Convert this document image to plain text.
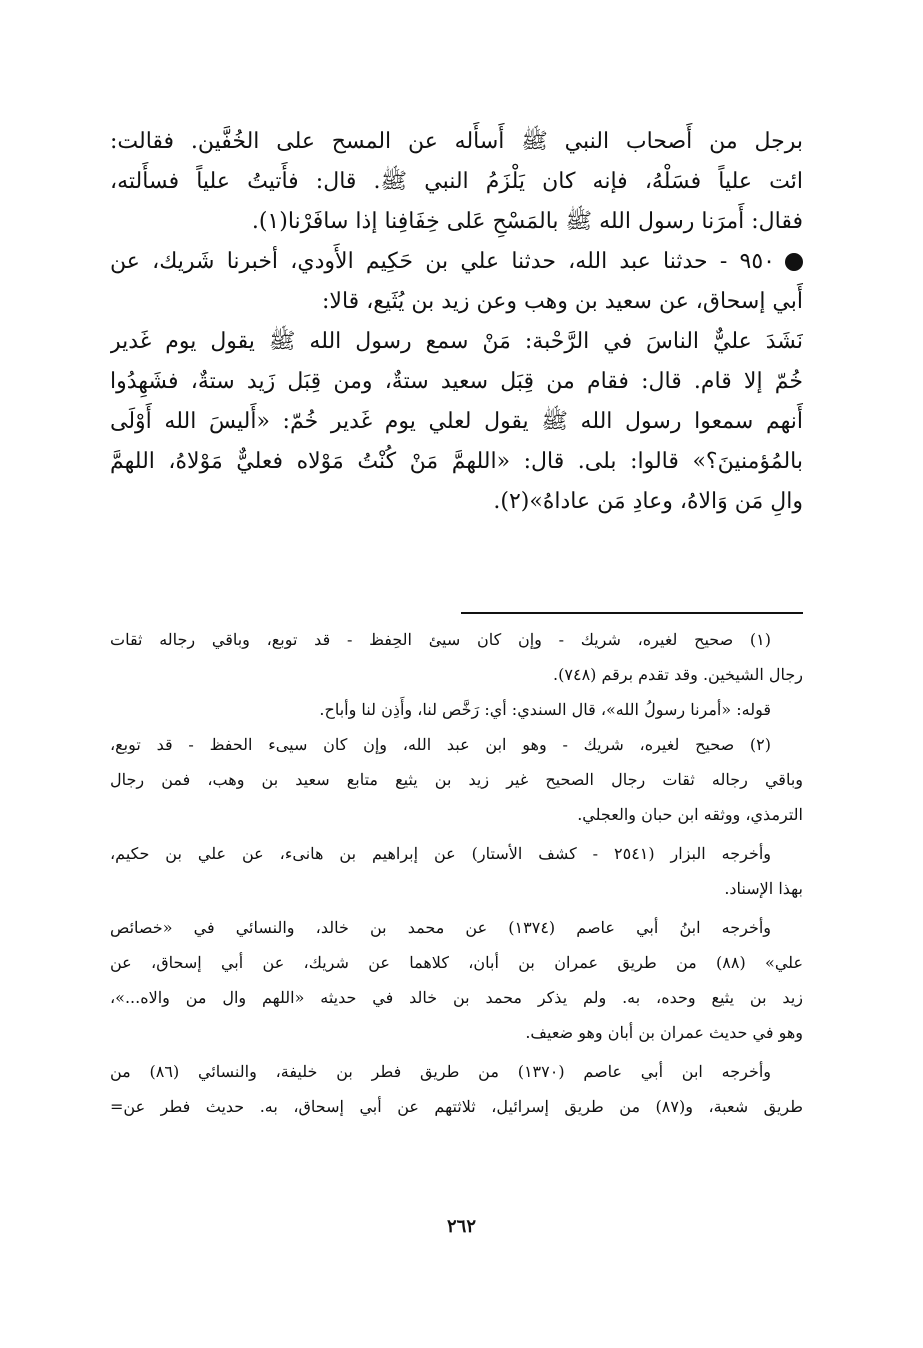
برجل من أَصحاب النبي ﷺ أَسأَله عن المسح على الخُفَّين. فقالت:
ائت علياً فسَلْهُ، فإنه كان يَلْزَمُ النبي ﷺ. قال: فأَتيتُ علياً فسأَلته،
فقال: أَمرَنا رسول الله ﷺ بالمَسْحِ عَلى خِفَافِنا إذا سافَرْنا(١).
٩٥٠ - حدثنا عبد الله، حدثنا علي بن حَكِيم الأَودي، أخبرنا شَريك، عن
أَبي إسحاق، عن سعيد بن وهب وعن زيد بن يُثَيع، قالا:
نَشَدَ عليٌّ الناسَ في الرَّحْبة: مَنْ سمع رسول الله ﷺ يقول يوم غَدير
خُمّ إلا قام. قال: فقام من قِبَل سعيد ستةٌ، ومن قِبَل زَيد ستةٌ، فشَهِدُوا
أَنهم سمعوا رسول الله ﷺ يقول لعلي يوم غَدير خُمّ: «أَليسَ الله أَوْلَى
بالمُؤمنينَ؟» قالوا: بلى. قال: «اللهمَّ مَنْ كُنْتُ مَوْلاه فعليٌّ مَوْلاهُ، اللهمَّ
والِ مَن وَالاهُ، وعادِ مَن عاداهُ»(٢).
(١) صحيح لغيره، شريك - وإن كان سيئ الحِفظ - قد توبع، وباقي رجاله ثقات
رجال الشيخين. وقد تقدم برقم (٧٤٨).
قوله: «أمرنا رسولُ الله»، قال السندي: أي: رَخَّص لنا، وأَذِن لنا وأباح.
(٢) صحيح لغيره، شريك - وهو ابن عبد الله، وإن كان سيىء الحفظ - قد توبع،
وباقي رجاله ثقات رجال الصحيح غير زيد بن يثيع متابع سعيد بن وهب، فمن رجال
الترمذي، ووثقه ابن حبان والعجلي.
وأخرجه البزار (٢٥٤١ - كشف الأستار) عن إبراهيم بن هانىء، عن علي بن حكيم،
بهذا الإسناد.
وأخرجه ابنُ أبي عاصم (١٣٧٤) عن محمد بن خالد، والنسائي في «خصائص
علي» (٨٨) من طريق عمران بن أبان، كلاهما عن شريك، عن أبي إسحاق، عن
زيد بن يثيع وحده، به. ولم يذكر محمد بن خالد في حديثه «اللهم وال من والاه...»،
وهو في حديث عمران بن أبان وهو ضعيف.
وأخرجه ابن أبي عاصم (١٣٧٠) من طريق فطر بن خليفة، والنسائي (٨٦) من
طريق شعبة، و(٨٧) من طريق إسرائيل، ثلاثتهم عن أبي إسحاق، به. حديث فطر عن=
٢٦٢
